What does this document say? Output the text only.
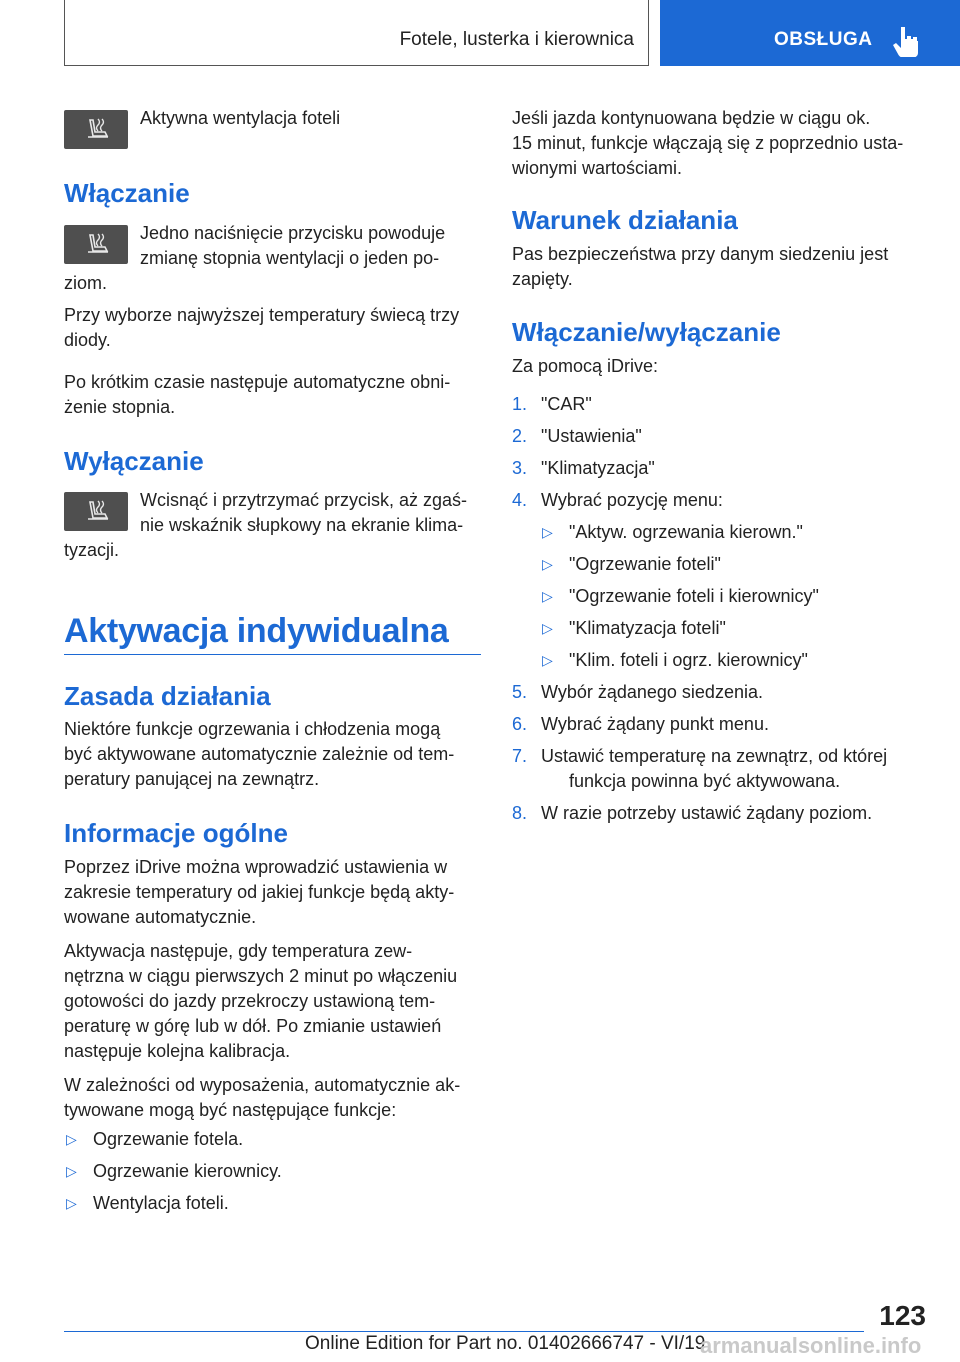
Fotele, lusterka i kierownica	OBSŁUGA
Aktywna wentylacja foteli
Włączanie
Jedno naciśnięcie przycisku powoduje
zmianę stopnia wentylacji o jeden po-
ziom.
Przy wyborze najwyższej temperatury świecą trzy
diody.
Po krótkim czasie następuje automatyczne obni-
żenie stopnia.
Wyłączanie
Wcisnąć i przytrzymać przycisk, aż zgaś-
nie wskaźnik słupkowy na ekranie klima-
tyzacji.
Aktywacja indywidualna
Zasada działania
Niektóre funkcje ogrzewania i chłodzenia mogą
być aktywowane automatycznie zależnie od tem-
peratury panującej na zewnątrz.
Informacje ogólne
Poprzez iDrive można wprowadzić ustawienia w
zakresie temperatury od jakiej funkcje będą akty-
wowane automatycznie.
Aktywacja następuje, gdy temperatura zew-
nętrzna w ciągu pierwszych 2 minut po włączeniu
gotowości do jazdy przekroczy ustawioną tem-
peraturę w górę lub w dół. Po zmianie ustawień
następuje kolejna kalibracja.
W zależności od wyposażenia, automatycznie ak-
tywowane mogą być następujące funkcje:
▷ Ogrzewanie fotela.
▷ Ogrzewanie kierownicy.
▷ Wentylacja foteli.
Jeśli jazda kontynuowana będzie w ciągu ok.
15 minut, funkcje włączają się z poprzednio usta-
wionymi wartościami.
Warunek działania
Pas bezpieczeństwa przy danym siedzeniu jest
zapięty.
Włączanie/wyłączanie
Za pomocą iDrive:
1. "CAR"
2. "Ustawienia"
3. "Klimatyzacja"
4. Wybrać pozycję menu:
▷ "Aktyw. ogrzewania kierown."
▷ "Ogrzewanie foteli"
▷ "Ogrzewanie foteli i kierownicy"
▷ "Klimatyzacja foteli"
▷ "Klim. foteli i ogrz. kierownicy"
5. Wybór żądanego siedzenia.
6. Wybrać żądany punkt menu.
7. Ustawić temperaturę na zewnątrz, od której
funkcja powinna być aktywowana.
8. W razie potrzeby ustawić żądany poziom.
123
Online Edition for Part no. 01402666747 - VI/19
armanualsonline.info
